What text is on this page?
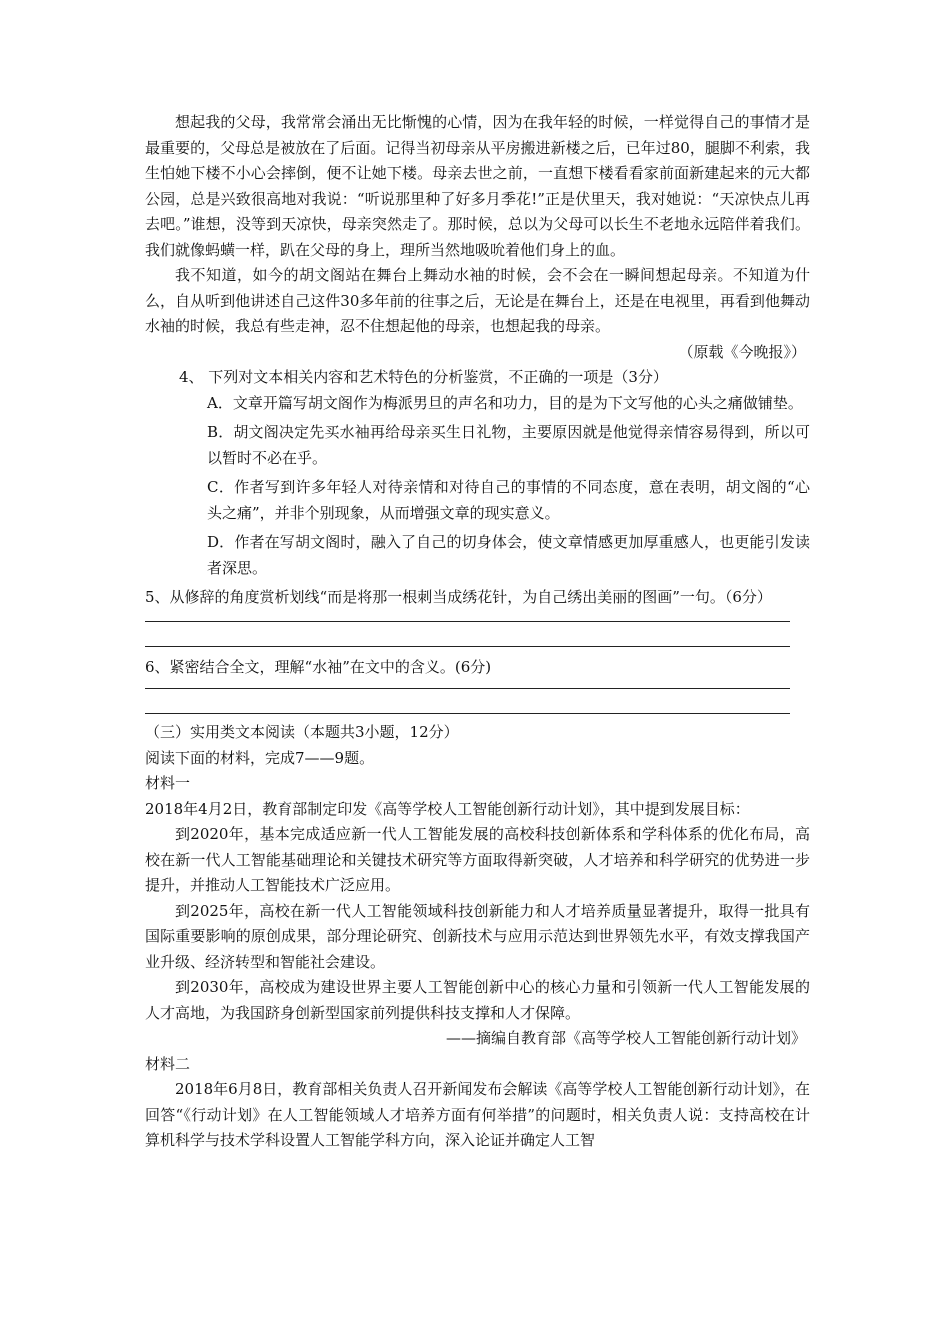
想起我的父母，我常常会涌出无比惭愧的心情，因为在我年轻的时候，一样觉得自己的事情才是最重要的，父母总是被放在了后面。记得当初母亲从平房搬进新楼之后，已年过80，腿脚不利索，我生怕她下楼不小心会摔倒，便不让她下楼。母亲去世之前，一直想下楼看看家前面新建起来的元大都公园，总是兴致很高地对我说：“听说那里种了好多月季花!”正是伏里天，我对她说：“天凉快点儿再去吧。”谁想，没等到天凉快，母亲突然走了。那时候，总以为父母可以长生不老地永远陪伴着我们。我们就像蚂蟥一样，趴在父母的身上，理所当然地吸吮着他们身上的血。

我不知道，如今的胡文阁站在舞台上舞动水袖的时候，会不会在一瞬间想起母亲。不知道为什么，自从听到他讲述自己这件30多年前的往事之后，无论是在舞台上，还是在电视里，再看到他舞动水袖的时候，我总有些走神，忍不住想起他的母亲，也想起我的母亲。

（原载《今晚报》）

4、 下列对文本相关内容和艺术特色的分析鉴赏，不正确的一项是（3分）

A．文章开篇写胡文阁作为梅派男旦的声名和功力，目的是为下文写他的心头之痛做铺垫。

B．胡文阁决定先买水袖再给母亲买生日礼物，主要原因就是他觉得亲情容易得到，所以可以暂时不必在乎。

C．作者写到许多年轻人对待亲情和对待自己的事情的不同态度，意在表明，胡文阁的“心头之痛”，并非个别现象，从而增强文章的现实意义。

D．作者在写胡文阁时，融入了自己的切身体会，使文章情感更加厚重感人，也更能引发读者深思。

5、从修辞的角度赏析划线“而是将那一根刺当成绣花针，为自己绣出美丽的图画”一句。（6分）

6、紧密结合全文，理解“水袖”在文中的含义。(6分)

（三）实用类文本阅读（本题共3小题，12分）

阅读下面的材料，完成7——9题。

材料一

2018年4月2日，教育部制定印发《高等学校人工智能创新行动计划》，其中提到发展目标：

到2020年，基本完成适应新一代人工智能发展的高校科技创新体系和学科体系的优化布局，高校在新一代人工智能基础理论和关键技术研究等方面取得新突破，人才培养和科学研究的优势进一步提升，并推动人工智能技术广泛应用。

到2025年，高校在新一代人工智能领域科技创新能力和人才培养质量显著提升，取得一批具有国际重要影响的原创成果，部分理论研究、创新技术与应用示范达到世界领先水平，有效支撑我国产业升级、经济转型和智能社会建设。

到2030年，高校成为建设世界主要人工智能创新中心的核心力量和引领新一代人工智能发展的人才高地，为我国跻身创新型国家前列提供科技支撑和人才保障。

——摘编自教育部《高等学校人工智能创新行动计划》

材料二

2018年6月8日，教育部相关负责人召开新闻发布会解读《高等学校人工智能创新行动计划》，在回答“《行动计划》在人工智能领域人才培养方面有何举措”的问题时，相关负责人说：支持高校在计算机科学与技术学科设置人工智能学科方向，深入论证并确定人工智
